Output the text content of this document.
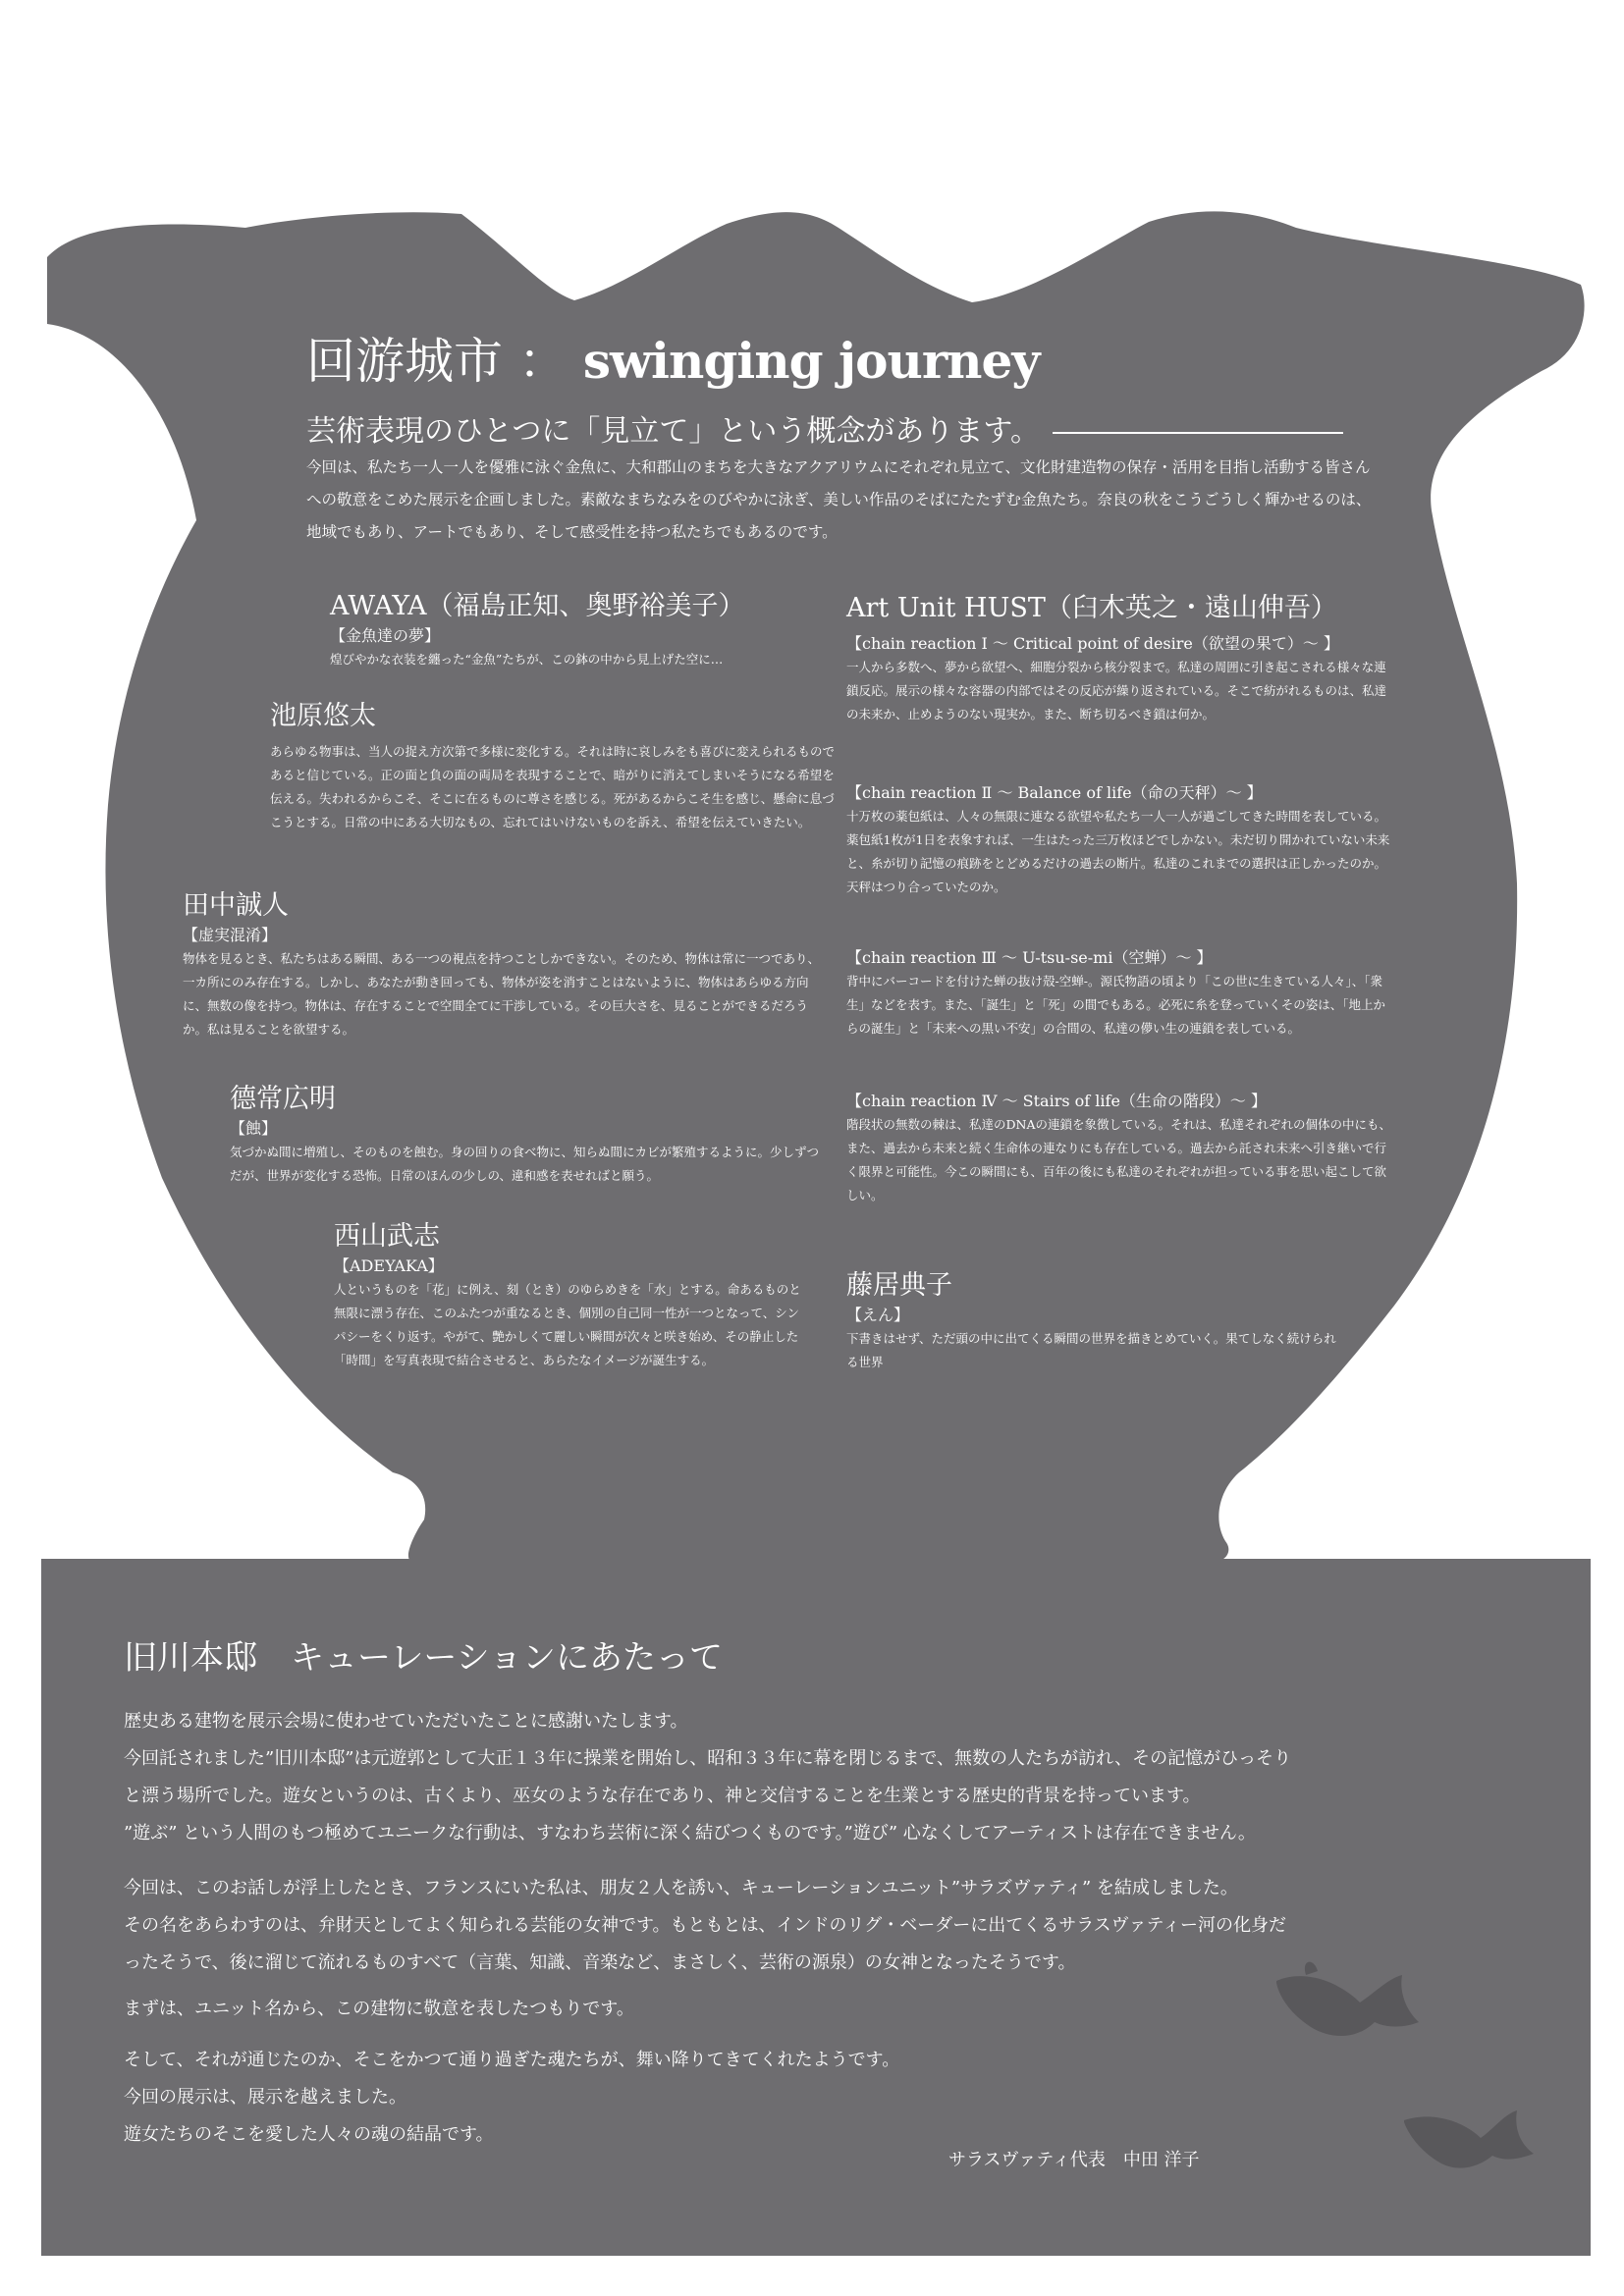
回游城市 ： swinging journey
芸術表現のひとつに「見立て」という概念があります。
今回は、私たち一人一人を優雅に泳ぐ金魚に、大和郡山のまちを大きなアクアリウムにそれぞれ見立て、文化財建造物の保存・活用を目指し活動する皆さんへの敬意をこめた展示を企画しました。素敵なまちなみをのびやかに泳ぎ、美しい作品のそばにたたずむ金魚たち。奈良の秋をこうごうしく輝かせるのは、地域でもあり、アートでもあり、そして感受性を持つ私たちでもあるのです。
AWAYA（福島正知、奥野裕美子）
【金魚達の夢】
煌びやかな衣装を纏った“金魚”たちが、この鉢の中から見上げた空に…
池原悠太
あらゆる物事は、当人の捉え方次第で多様に変化する。それは時に哀しみをも喜びに変えられるものであると信じている。正の面と負の面の両局を表現することで、暗がりに消えてしまいそうになる希望を伝える。失われるからこそ、そこに在るものに尊さを感じる。死があるからこそ生を感じ、懸命に息づこうとする。日常の中にある大切なもの、忘れてはいけないものを訴え、希望を伝えていきたい。
田中誠人
【虚実混淆】
物体を見るとき、私たちはある瞬間、ある一つの視点を持つことしかできない。そのため、物体は常に一つであり、一カ所にのみ存在する。しかし、あなたが動き回っても、物体が姿を消すことはないように、物体はあらゆる方向に、無数の像を持つ。物体は、存在することで空間全てに干渉している。その巨大さを、見ることができるだろうか。私は見ることを欲望する。
德常広明
【蝕】
気づかぬ間に増殖し、そのものを蝕む。身の回りの食べ物に、知らぬ間にカビが繁殖するように。少しずつだが、世界が変化する恐怖。日常のほんの少しの、違和感を表せればと願う。
西山武志
【ADEYAKA】
人というものを「花」に例え、刻（とき）のゆらめきを「水」とする。命あるものと無限に漂う存在、このふたつが重なるとき、個別の自己同一性が一つとなって、シンパシーをくり返す。やがて、艶かしくて麗しい瞬間が次々と咲き始め、その静止した「時間」を写真表現で結合させると、あらたなイメージが誕生する。
Art Unit HUST（臼木英之・遠山伸吾）
【chain reaction Ⅰ ～ Critical point of desire（欲望の果て）～ 】
一人から多数へ、夢から欲望へ、細胞分裂から核分裂まで。私達の周囲に引き起こされる様々な連鎖反応。展示の様々な容器の内部ではその反応が繰り返されている。そこで紡がれるものは、私達の未来か、止めようのない現実か。また、断ち切るべき鎖は何か。
【chain reaction Ⅱ ～ Balance of life（命の天秤）～ 】
十万枚の薬包紙は、人々の無限に連なる欲望や私たち一人一人が過ごしてきた時間を表している。薬包紙1枚が1日を表象すれば、一生はたった三万枚ほどでしかない。未だ切り開かれていない未来と、糸が切り記憶の痕跡をとどめるだけの過去の断片。私達のこれまでの選択は正しかったのか。天秤はつり合っていたのか。
【chain reaction Ⅲ ～ U-tsu-se-mi（空蝉）～ 】
背中にバーコードを付けた蝉の抜け殻-空蝉-。源氏物語の頃より「この世に生きている人々」、「衆生」などを表す。また、「誕生」と「死」の間でもある。必死に糸を登っていくその姿は、「地上からの誕生」と「未来への黒い不安」の合間の、私達の儚い生の連鎖を表している。
【chain reaction Ⅳ ～ Stairs of life（生命の階段）～ 】
階段状の無数の棘は、私達のDNAの連鎖を象徴している。それは、私達それぞれの個体の中にも、また、過去から未来と続く生命体の連なりにも存在している。過去から託され未来へ引き継いで行く限界と可能性。今この瞬間にも、百年の後にも私達のそれぞれが担っている事を思い起こして欲しい。
藤居典子
【えん】
下書きはせず、ただ頭の中に出てくる瞬間の世界を描きとめていく。果てしなく続けられる世界
旧川本邸　キューレーションにあたって
歴史ある建物を展示会場に使わせていただいたことに感謝いたします。
今回託されました”旧川本邸”は元遊郭として大正１３年に操業を開始し、昭和３３年に幕を閉じるまで、無数の人たちが訪れ、その記憶がひっそりと漂う場所でした。遊女というのは、古くより、巫女のような存在であり、神と交信することを生業とする歴史的背景を持っています。
”遊ぶ” という人間のもつ極めてユニークな行動は、すなわち芸術に深く結びつくものです。”遊び” 心なくしてアーティストは存在できません。
今回は、このお話しが浮上したとき、フランスにいた私は、朋友２人を誘い、キューレーションユニット”サラズヴァティ” を結成しました。
その名をあらわすのは、弁財天としてよく知られる芸能の女神です。もともとは、インドのリグ・ベーダーに出てくるサラスヴァティー河の化身だったそうで、後に溜じて流れるものすべて（言葉、知識、音楽など、まさしく、芸術の源泉）の女神となったそうです。
まずは、ユニット名から、この建物に敬意を表したつもりです。
そして、それが通じたのか、そこをかつて通り過ぎた魂たちが、舞い降りてきてくれたようです。
今回の展示は、展示を越えました。
遊女たちのそこを愛した人々の魂の結晶です。
サラスヴァティ代表　中田 洋子
